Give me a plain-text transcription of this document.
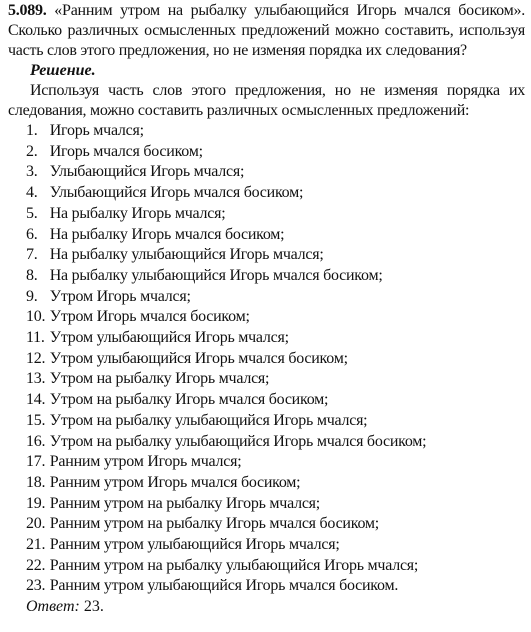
5.089. «Ранним утром на рыбалку улыбающийся Игорь мчался босиком». Сколько различных осмысленных предложений можно составить, используя часть слов этого предложения, но не изменяя порядка их следования?

Решение.

Используя часть слов этого предложения, но не изменяя порядка их следования, можно составить различных осмысленных предложений:

1. Игорь мчался;
2. Игорь мчался босиком;
3. Улыбающийся Игорь мчался;
4. Улыбающийся Игорь мчался босиком;
5. На рыбалку Игорь мчался;
6. На рыбалку Игорь мчался босиком;
7. На рыбалку улыбающийся Игорь мчался;
8. На рыбалку улыбающийся Игорь мчался босиком;
9. Утром Игорь мчался;
10. Утром Игорь мчался босиком;
11. Утром улыбающийся Игорь мчался;
12. Утром улыбающийся Игорь мчался босиком;
13. Утром на рыбалку Игорь мчался;
14. Утром на рыбалку Игорь мчался босиком;
15. Утром на рыбалку улыбающийся Игорь мчался;
16. Утром на рыбалку улыбающийся Игорь мчался босиком;
17. Ранним утром Игорь мчался;
18. Ранним утром Игорь мчался босиком;
19. Ранним утром на рыбалку Игорь мчался;
20. Ранним утром на рыбалку Игорь мчался босиком;
21. Ранним утром улыбающийся Игорь мчался;
22. Ранним утром на рыбалку улыбающийся Игорь мчался;
23. Ранним утром улыбающийся Игорь мчался босиком.

Ответ: 23.
